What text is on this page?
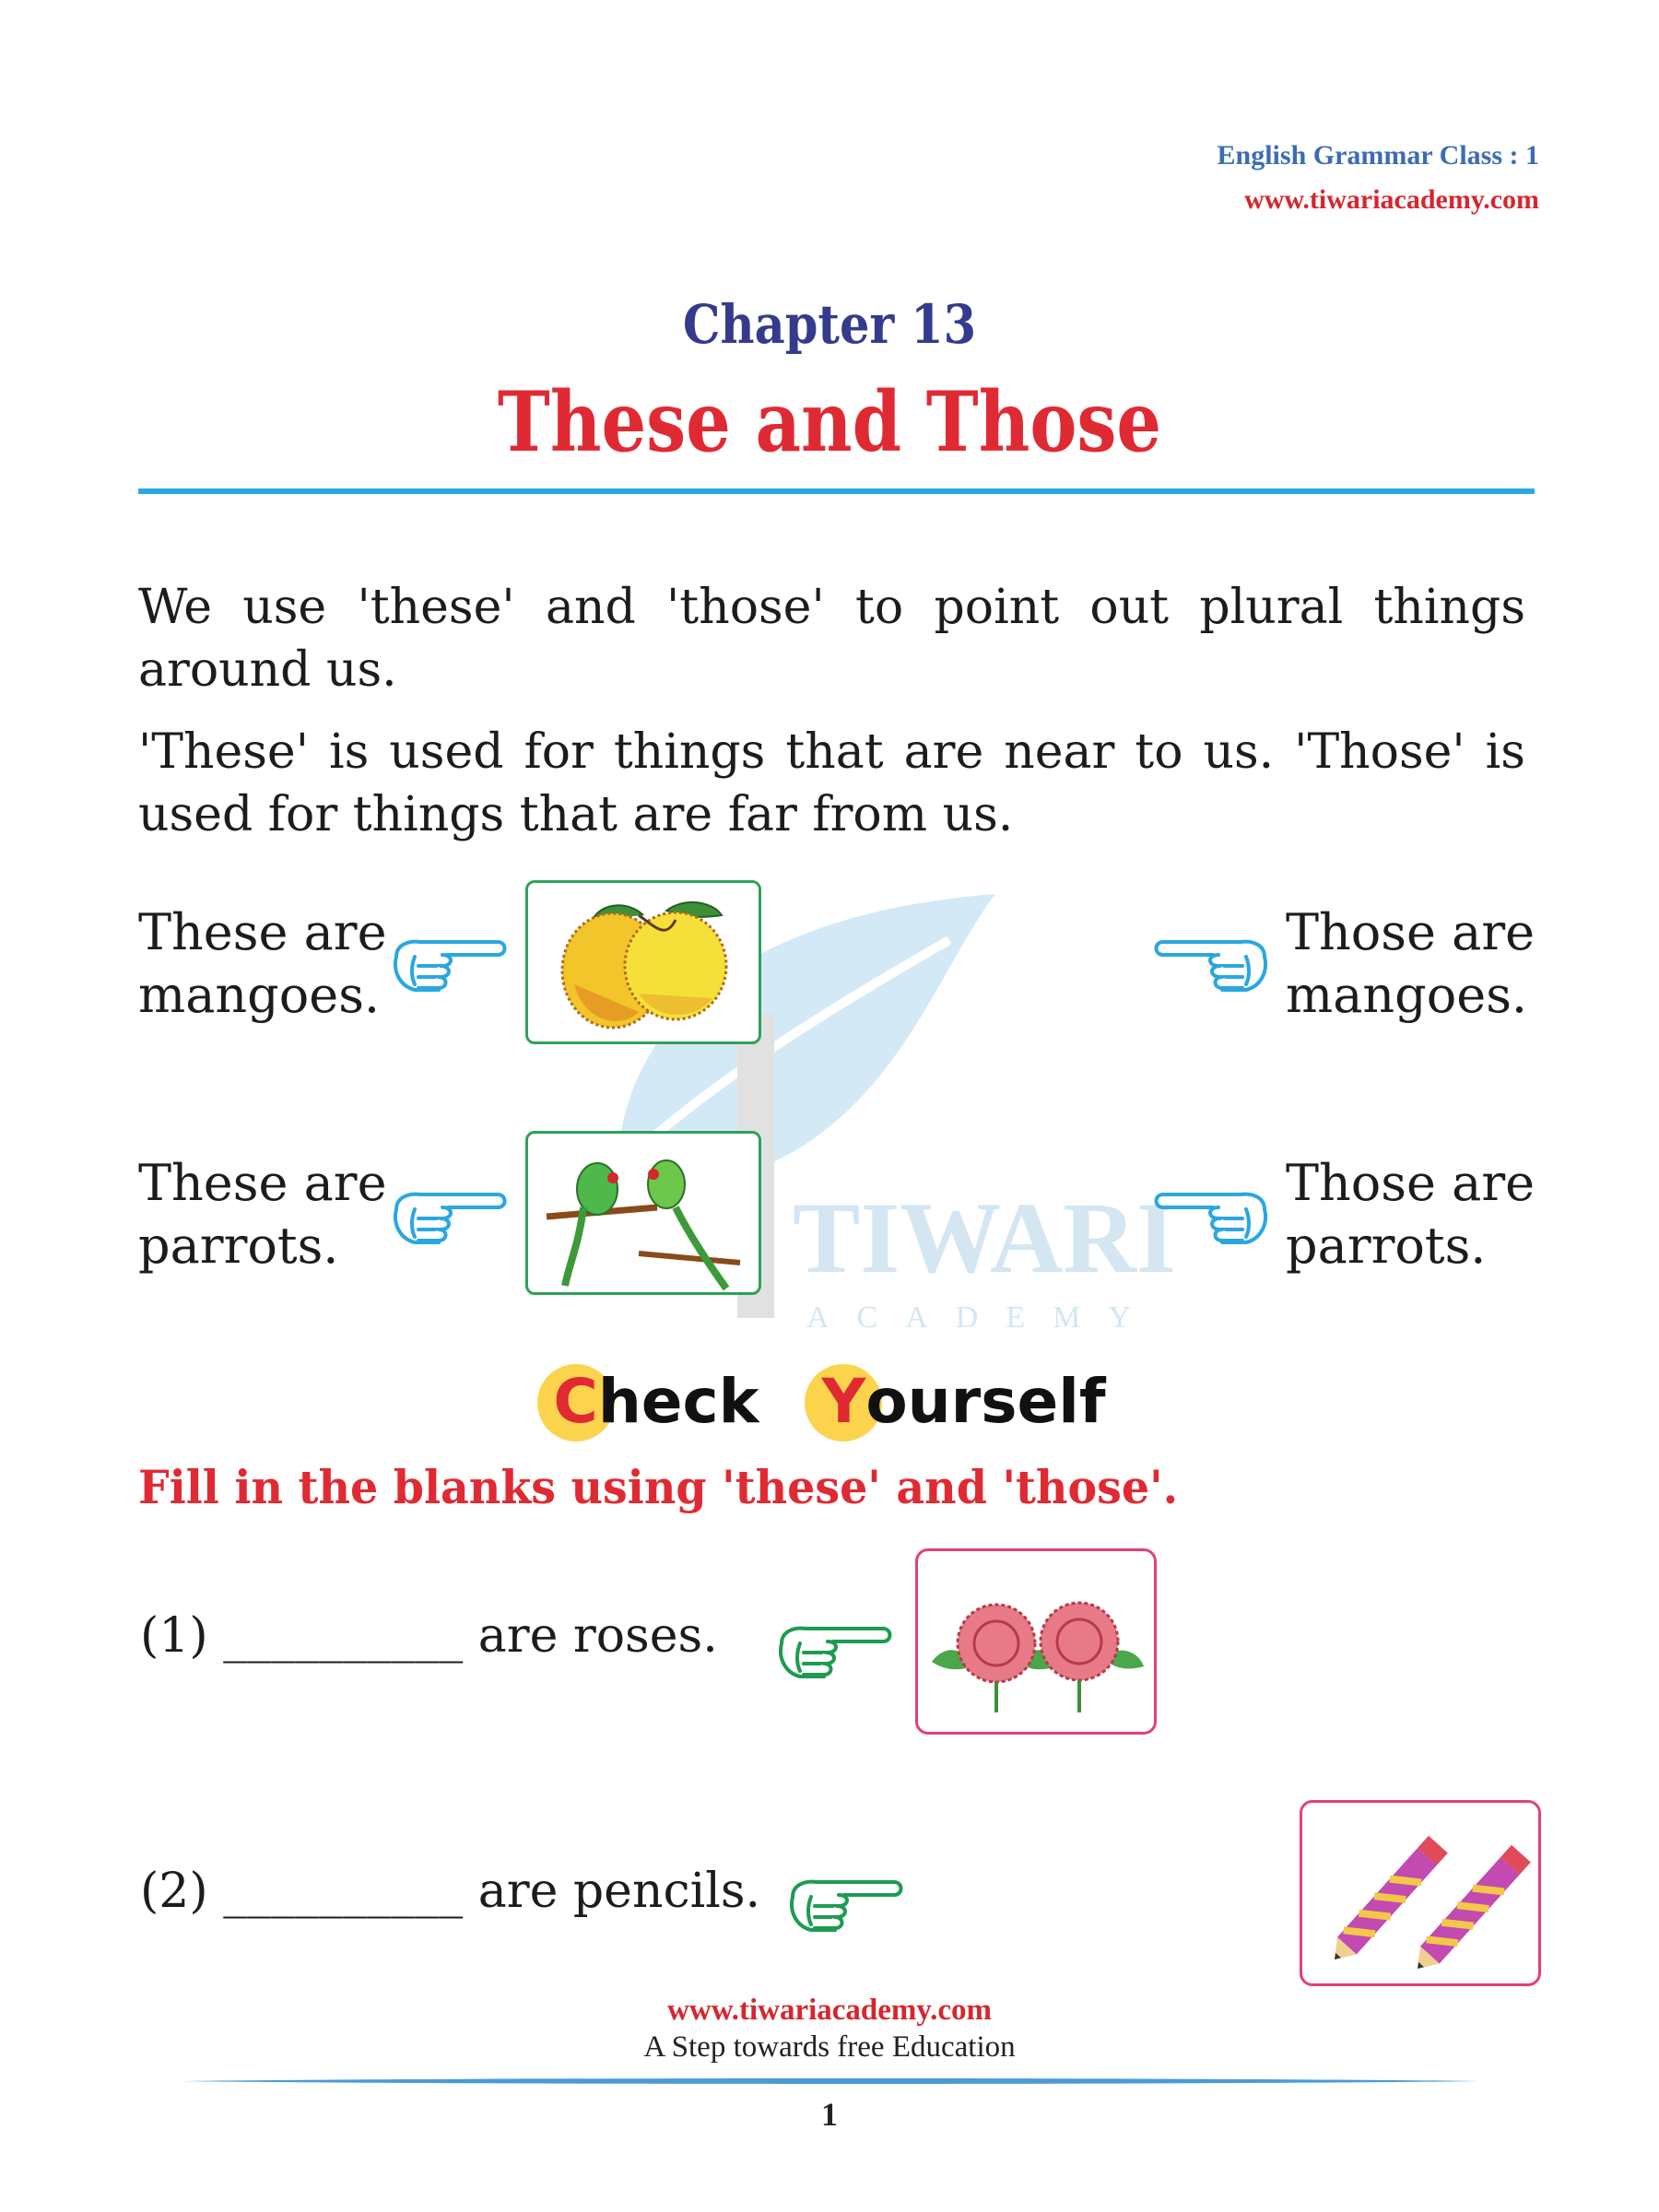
TIWARI
ACADEMY
English Grammar Class : 1
www.tiwariacademy.com
Chapter 13
These and Those
We use 'these' and 'those' to point out plural things around us.
'These' is used for things that are near to us. 'Those' is used for things that are far from us.
These are
mangoes.
Those are
mangoes.
These are
parrots.
Those are
parrots.
Check Yourself
Fill in the blanks using 'these' and 'those'.
(1) __________ are roses.
(2) __________ are pencils.
www.tiwariacademy.com
A Step towards free Education
1
